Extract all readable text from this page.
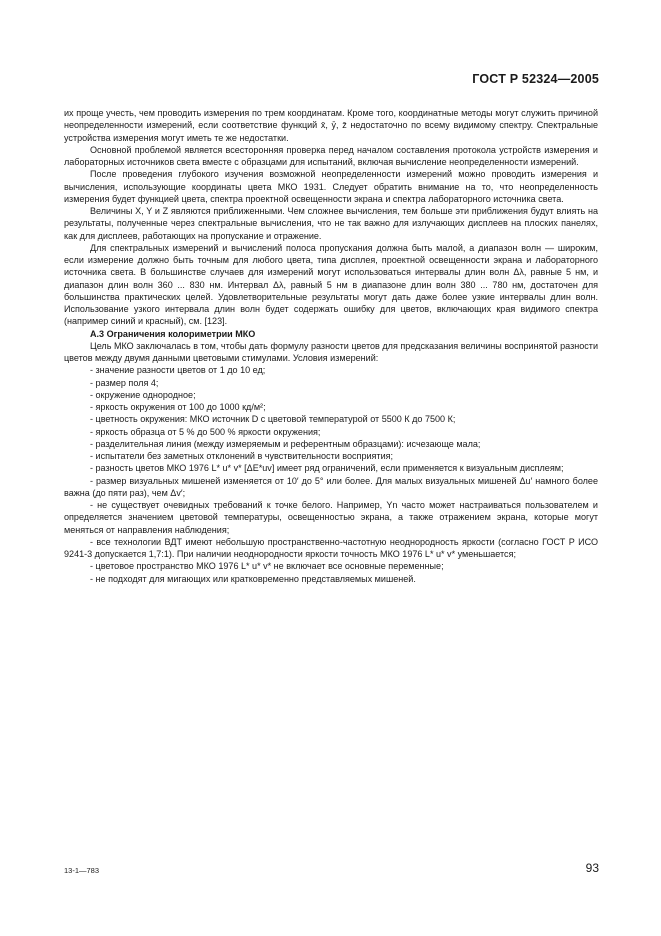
ГОСТ Р 52324—2005

их проще учесть, чем проводить измерения по трем координатам. Кроме того, координатные методы могут служить причиной неопределенности измерений, если соответствие функций x̄, ȳ, z̄ недостаточно по всему видимому спектру. Спектральные устройства измерения могут иметь те же недостатки.

Основной проблемой является всесторонняя проверка перед началом составления протокола устройств измерения и лабораторных источников света вместе с образцами для испытаний, включая вычисление неопределенности измерений.

После проведения глубокого изучения возможной неопределенности измерений можно проводить измерения и вычисления, использующие координаты цвета МКО 1931. Следует обратить внимание на то, что неопределенность измерения будет функцией цвета, спектра проектной освещенности экрана и спектра лабораторного источника света.

Величины X, Y и Z являются приближенными. Чем сложнее вычисления, тем больше эти приближения будут влиять на результаты, полученные через спектральные вычисления, что не так важно для излучающих дисплеев на плоских панелях, как для дисплеев, работающих на пропускание и отражение.

Для спектральных измерений и вычислений полоса пропускания должна быть малой, а диапазон волн — широким, если измерение должно быть точным для любого цвета, типа дисплея, проектной освещенности экрана и лабораторного источника света. В большинстве случаев для измерений могут использоваться интервалы длин волн Δλ, равные 5 нм, и диапазон длин волн 360 ... 830 нм. Интервал Δλ, равный 5 нм в диапазоне длин волн 380 ... 780 нм, достаточен для большинства практических целей. Удовлетворительные результаты могут дать даже более узкие интервалы длин волн. Использование узкого интервала длин волн будет содержать ошибку для цветов, включающих края видимого спектра (например синий и красный), см. [123].

А.3 Ограничения колориметрии МКО

Цель МКО заключалась в том, чтобы дать формулу разности цветов для предсказания величины воспринятой разности цветов между двумя данными цветовыми стимулами. Условия измерений:

- значение разности цветов от 1 до 10 ед;

- размер поля 4;

- окружение однородное;

- яркость окружения от 100 до 1000 кд/м²;

- цветность окружения: МКО источник D с цветовой температурой от 5500 К до 7500 К;

- яркость образца от 5 % до 500 % яркости окружения;

- разделительная линия (между измеряемым и референтным образцами): исчезающе мала;

- испытатели без заметных отклонений в чувствительности восприятия;

- разность цветов МКО 1976 L* u* v* [ΔE*uv] имеет ряд ограничений, если применяется к визуальным дисплеям;

- размер визуальных мишеней изменяется от 10′ до 5° или более. Для малых визуальных мишеней Δu′ намного более важна (до пяти раз), чем Δv′;

- не существует очевидных требований к точке белого. Например, Yn часто может настраиваться пользователем и определяется значением цветовой температуры, освещенностью экрана, а также отражением экрана, которые могут меняться от направления наблюдения;

- все технологии ВДТ имеют небольшую пространственно-частотную неоднородность яркости (согласно ГОСТ Р ИСО 9241-3 допускается 1,7:1). При наличии неоднородности яркости точность МКО 1976 L* u* v* уменьшается;

- цветовое пространство МКО 1976 L* u* v* не включает все основные переменные;

- не подходят для мигающих или кратковременно представляемых мишеней.

13-1—783	93
